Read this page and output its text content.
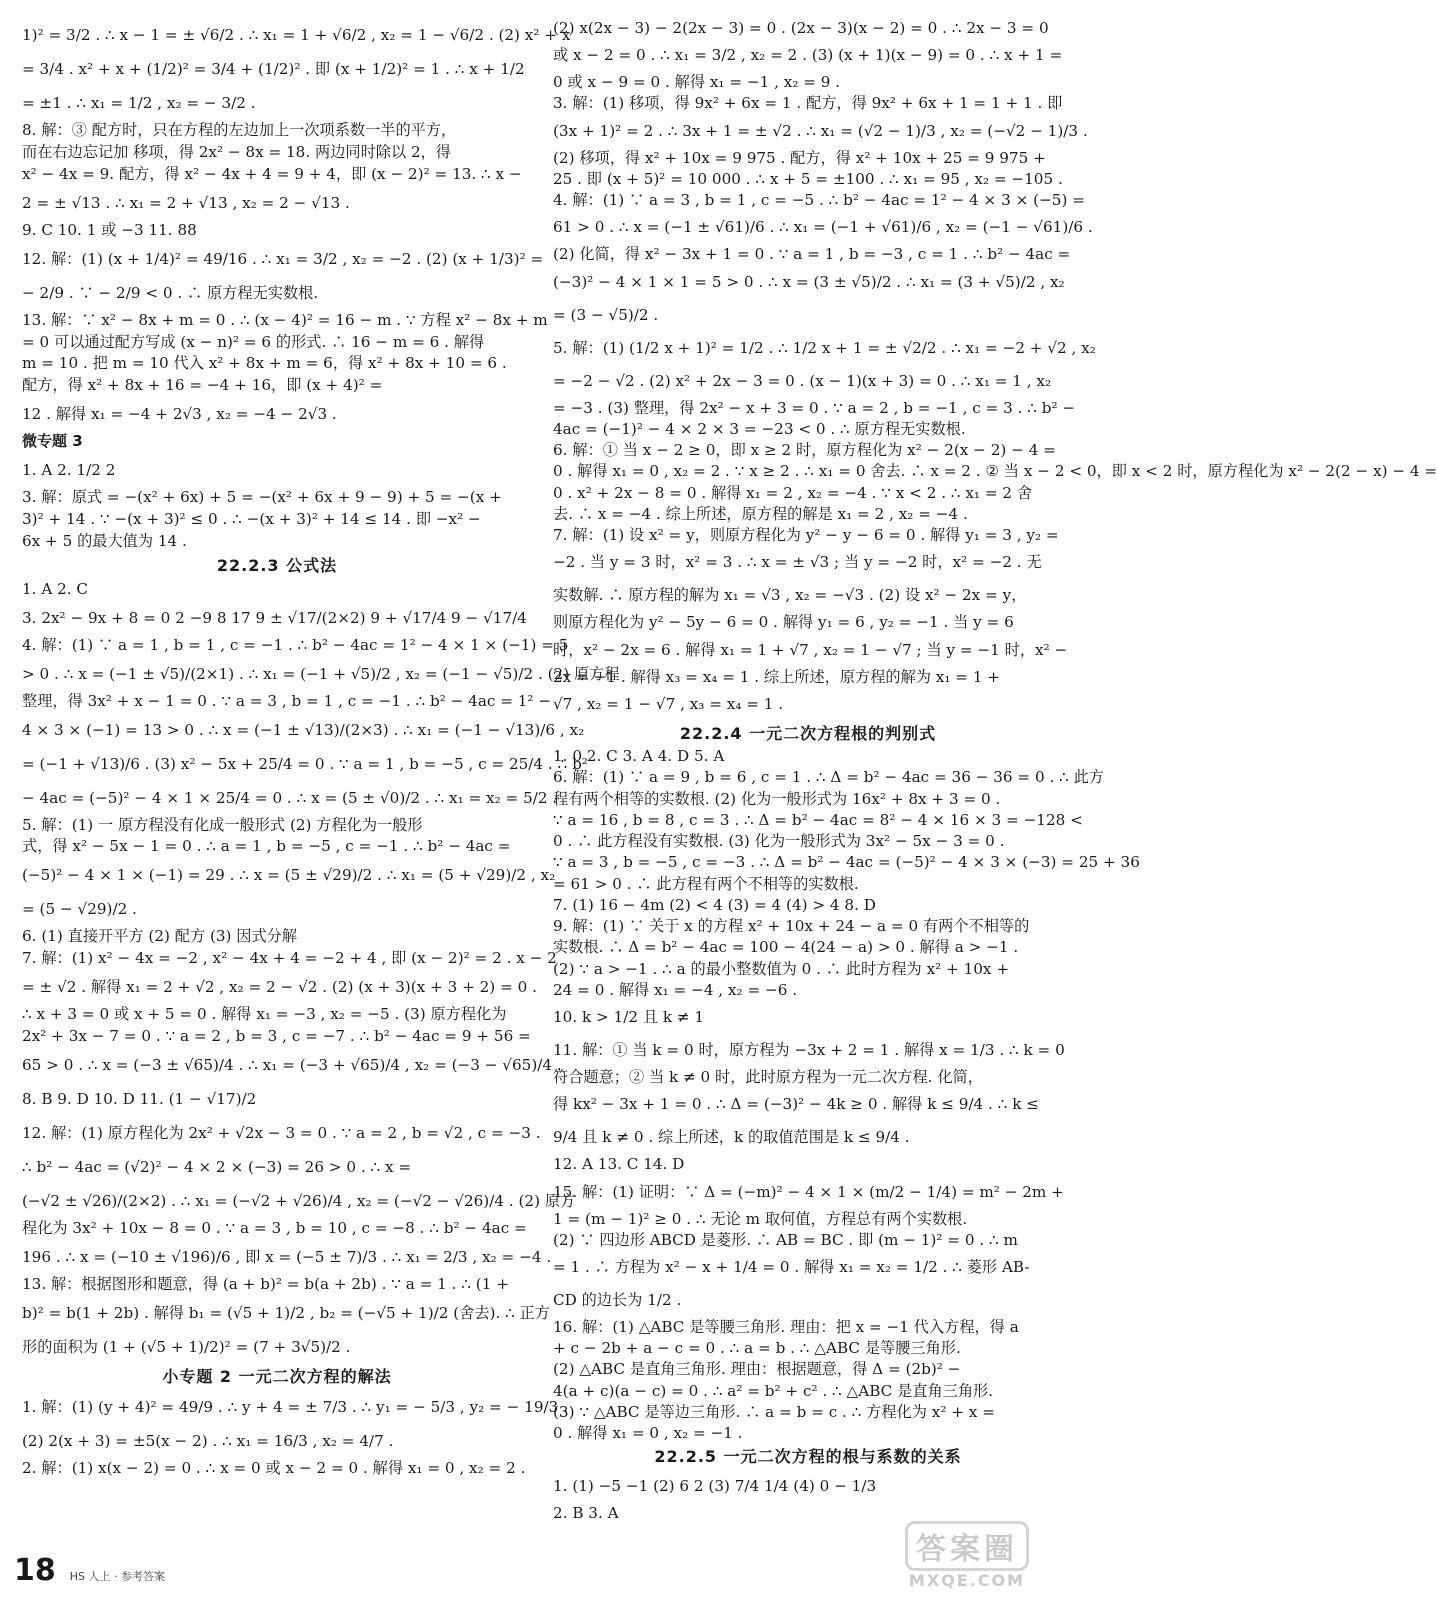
1)² = 3/2 . ∴ x − 1 = ± √6/2 . ∴ x₁ = 1 + √6/2 , x₂ = 1 − √6/2 . (2) x² + x
= 3/4 . x² + x + (1/2)² = 3/4 + (1/2)² . 即 (x + 1/2)² = 1 . ∴ x + 1/2
= ±1 . ∴ x₁ = 1/2 , x₂ = − 3/2 .
8. 解：③ 配方时，只在方程的左边加上一次项系数一半的平方，
而在右边忘记加 移项，得 2x² − 8x = 18. 两边同时除以 2，得
x² − 4x = 9. 配方，得 x² − 4x + 4 = 9 + 4，即 (x − 2)² = 13. ∴ x −
2 = ± √13 . ∴ x₁ = 2 + √13 , x₂ = 2 − √13 .
9. C 10. 1 或 −3 11. 88
12. 解：(1) (x + 1/4)² = 49/16 . ∴ x₁ = 3/2 , x₂ = −2 . (2) (x + 1/3)² =
− 2/9 . ∵ − 2/9 < 0 . ∴ 原方程无实数根.
13. 解：∵ x² − 8x + m = 0 . ∴ (x − 4)² = 16 − m . ∵ 方程 x² − 8x + m
= 0 可以通过配方写成 (x − n)² = 6 的形式. ∴ 16 − m = 6 . 解得
m = 10 . 把 m = 10 代入 x² + 8x + m = 6，得 x² + 8x + 10 = 6 .
配方，得 x² + 8x + 16 = −4 + 16，即 (x + 4)² =
12 . 解得 x₁ = −4 + 2√3 , x₂ = −4 − 2√3 .
微专题 3
1. A 2. 1/2 2
3. 解：原式 = −(x² + 6x) + 5 = −(x² + 6x + 9 − 9) + 5 = −(x +
3)² + 14 . ∵ −(x + 3)² ≤ 0 . ∴ −(x + 3)² + 14 ≤ 14 . 即 −x² −
6x + 5 的最大值为 14 .
22.2.3 公式法
1. A 2. C
3. 2x² − 9x + 8 = 0 2 −9 8 17 9 ± √17/(2×2) 9 + √17/4 9 − √17/4
4. 解：(1) ∵ a = 1 , b = 1 , c = −1 . ∴ b² − 4ac = 1² − 4 × 1 × (−1) = 5
> 0 . ∴ x = (−1 ± √5)/(2×1) . ∴ x₁ = (−1 + √5)/2 , x₂ = (−1 − √5)/2 . (2) 原方程
整理，得 3x² + x − 1 = 0 . ∵ a = 3 , b = 1 , c = −1 . ∴ b² − 4ac = 1² −
4 × 3 × (−1) = 13 > 0 . ∴ x = (−1 ± √13)/(2×3) . ∴ x₁ = (−1 − √13)/6 , x₂
= (−1 + √13)/6 . (3) x² − 5x + 25/4 = 0 . ∵ a = 1 , b = −5 , c = 25/4 . ∴ b²
− 4ac = (−5)² − 4 × 1 × 25/4 = 0 . ∴ x = (5 ± √0)/2 . ∴ x₁ = x₂ = 5/2 .
5. 解：(1) 一 原方程没有化成一般形式 (2) 方程化为一般形
式，得 x² − 5x − 1 = 0 . ∴ a = 1 , b = −5 , c = −1 . ∴ b² − 4ac =
(−5)² − 4 × 1 × (−1) = 29 . ∴ x = (5 ± √29)/2 . ∴ x₁ = (5 + √29)/2 , x₂
= (5 − √29)/2 .
6. (1) 直接开平方 (2) 配方 (3) 因式分解
7. 解：(1) x² − 4x = −2 , x² − 4x + 4 = −2 + 4 , 即 (x − 2)² = 2 . x − 2
= ± √2 . 解得 x₁ = 2 + √2 , x₂ = 2 − √2 . (2) (x + 3)(x + 3 + 2) = 0 .
∴ x + 3 = 0 或 x + 5 = 0 . 解得 x₁ = −3 , x₂ = −5 . (3) 原方程化为
2x² + 3x − 7 = 0 . ∵ a = 2 , b = 3 , c = −7 . ∴ b² − 4ac = 9 + 56 =
65 > 0 . ∴ x = (−3 ± √65)/4 . ∴ x₁ = (−3 + √65)/4 , x₂ = (−3 − √65)/4 .
8. B 9. D 10. D 11. (1 − √17)/2
12. 解：(1) 原方程化为 2x² + √2x − 3 = 0 . ∵ a = 2 , b = √2 , c = −3 .
∴ b² − 4ac = (√2)² − 4 × 2 × (−3) = 26 > 0 . ∴ x =
(−√2 ± √26)/(2×2) . ∴ x₁ = (−√2 + √26)/4 , x₂ = (−√2 − √26)/4 . (2) 原方
程化为 3x² + 10x − 8 = 0 . ∵ a = 3 , b = 10 , c = −8 . ∴ b² − 4ac =
196 . ∴ x = (−10 ± √196)/6 , 即 x = (−5 ± 7)/3 . ∴ x₁ = 2/3 , x₂ = −4 .
13. 解：根据图形和题意，得 (a + b)² = b(a + 2b) . ∵ a = 1 . ∴ (1 +
b)² = b(1 + 2b) . 解得 b₁ = (√5 + 1)/2 , b₂ = (−√5 + 1)/2 (舍去). ∴ 正方
形的面积为 (1 + (√5 + 1)/2)² = (7 + 3√5)/2 .
小专题 2 一元二次方程的解法
1. 解：(1) (y + 4)² = 49/9 . ∴ y + 4 = ± 7/3 . ∴ y₁ = − 5/3 , y₂ = − 19/3 .
(2) 2(x + 3) = ±5(x − 2) . ∴ x₁ = 16/3 , x₂ = 4/7 .
2. 解：(1) x(x − 2) = 0 . ∴ x = 0 或 x − 2 = 0 . 解得 x₁ = 0 , x₂ = 2 .
(2) x(2x − 3) − 2(2x − 3) = 0 . (2x − 3)(x − 2) = 0 . ∴ 2x − 3 = 0
或 x − 2 = 0 . ∴ x₁ = 3/2 , x₂ = 2 . (3) (x + 1)(x − 9) = 0 . ∴ x + 1 =
0 或 x − 9 = 0 . 解得 x₁ = −1 , x₂ = 9 .
3. 解：(1) 移项，得 9x² + 6x = 1 . 配方，得 9x² + 6x + 1 = 1 + 1 . 即
(3x + 1)² = 2 . ∴ 3x + 1 = ± √2 . ∴ x₁ = (√2 − 1)/3 , x₂ = (−√2 − 1)/3 .
(2) 移项，得 x² + 10x = 9 975 . 配方，得 x² + 10x + 25 = 9 975 +
25 . 即 (x + 5)² = 10 000 . ∴ x + 5 = ±100 . ∴ x₁ = 95 , x₂ = −105 .
4. 解：(1) ∵ a = 3 , b = 1 , c = −5 . ∴ b² − 4ac = 1² − 4 × 3 × (−5) =
61 > 0 . ∴ x = (−1 ± √61)/6 . ∴ x₁ = (−1 + √61)/6 , x₂ = (−1 − √61)/6 .
(2) 化简，得 x² − 3x + 1 = 0 . ∵ a = 1 , b = −3 , c = 1 . ∴ b² − 4ac =
(−3)² − 4 × 1 × 1 = 5 > 0 . ∴ x = (3 ± √5)/2 . ∴ x₁ = (3 + √5)/2 , x₂
= (3 − √5)/2 .
5. 解：(1) (1/2 x + 1)² = 1/2 . ∴ 1/2 x + 1 = ± √2/2 . ∴ x₁ = −2 + √2 , x₂
= −2 − √2 . (2) x² + 2x − 3 = 0 . (x − 1)(x + 3) = 0 . ∴ x₁ = 1 , x₂
= −3 . (3) 整理，得 2x² − x + 3 = 0 . ∵ a = 2 , b = −1 , c = 3 . ∴ b² −
4ac = (−1)² − 4 × 2 × 3 = −23 < 0 . ∴ 原方程无实数根.
6. 解：① 当 x − 2 ≥ 0，即 x ≥ 2 时，原方程化为 x² − 2(x − 2) − 4 =
0 . 解得 x₁ = 0 , x₂ = 2 . ∵ x ≥ 2 . ∴ x₁ = 0 舍去. ∴ x = 2 . ② 当 x − 2 < 0，即 x < 2 时，原方程化为 x² − 2(2 − x) − 4 =
0 . x² + 2x − 8 = 0 . 解得 x₁ = 2 , x₂ = −4 . ∵ x < 2 . ∴ x₁ = 2 舍
去. ∴ x = −4 . 综上所述，原方程的解是 x₁ = 2 , x₂ = −4 .
7. 解：(1) 设 x² = y，则原方程化为 y² − y − 6 = 0 . 解得 y₁ = 3 , y₂ =
−2 . 当 y = 3 时，x² = 3 . ∴ x = ± √3 ; 当 y = −2 时，x² = −2 . 无
实数解. ∴ 原方程的解为 x₁ = √3 , x₂ = −√3 . (2) 设 x² − 2x = y，
则原方程化为 y² − 5y − 6 = 0 . 解得 y₁ = 6 , y₂ = −1 . 当 y = 6
时，x² − 2x = 6 . 解得 x₁ = 1 + √7 , x₂ = 1 − √7 ; 当 y = −1 时，x² −
2x = −1 . 解得 x₃ = x₄ = 1 . 综上所述，原方程的解为 x₁ = 1 +
√7 , x₂ = 1 − √7 , x₃ = x₄ = 1 .
22.2.4 一元二次方程根的判别式
1. 0 2. C 3. A 4. D 5. A
6. 解：(1) ∵ a = 9 , b = 6 , c = 1 . ∴ Δ = b² − 4ac = 36 − 36 = 0 . ∴ 此方
程有两个相等的实数根. (2) 化为一般形式为 16x² + 8x + 3 = 0 .
∵ a = 16 , b = 8 , c = 3 . ∴ Δ = b² − 4ac = 8² − 4 × 16 × 3 = −128 <
0 . ∴ 此方程没有实数根. (3) 化为一般形式为 3x² − 5x − 3 = 0 .
∵ a = 3 , b = −5 , c = −3 . ∴ Δ = b² − 4ac = (−5)² − 4 × 3 × (−3) = 25 + 36
= 61 > 0 . ∴ 此方程有两个不相等的实数根.
7. (1) 16 − 4m (2) < 4 (3) = 4 (4) > 4 8. D
9. 解：(1) ∵ 关于 x 的方程 x² + 10x + 24 − a = 0 有两个不相等的
实数根. ∴ Δ = b² − 4ac = 100 − 4(24 − a) > 0 . 解得 a > −1 .
(2) ∵ a > −1 . ∴ a 的最小整数值为 0 . ∴ 此时方程为 x² + 10x +
24 = 0 . 解得 x₁ = −4 , x₂ = −6 .
10. k > 1/2 且 k ≠ 1
11. 解：① 当 k = 0 时，原方程为 −3x + 2 = 1 . 解得 x = 1/3 . ∴ k = 0
符合题意；② 当 k ≠ 0 时，此时原方程为一元二次方程. 化简，
得 kx² − 3x + 1 = 0 . ∴ Δ = (−3)² − 4k ≥ 0 . 解得 k ≤ 9/4 . ∴ k ≤
9/4 且 k ≠ 0 . 综上所述，k 的取值范围是 k ≤ 9/4 .
12. A 13. C 14. D
15. 解：(1) 证明：∵ Δ = (−m)² − 4 × 1 × (m/2 − 1/4) = m² − 2m +
1 = (m − 1)² ≥ 0 . ∴ 无论 m 取何值，方程总有两个实数根.
(2) ∵ 四边形 ABCD 是菱形. ∴ AB = BC . 即 (m − 1)² = 0 . ∴ m
= 1 . ∴ 方程为 x² − x + 1/4 = 0 . 解得 x₁ = x₂ = 1/2 . ∴ 菱形 AB-
CD 的边长为 1/2 .
16. 解：(1) △ABC 是等腰三角形. 理由：把 x = −1 代入方程，得 a
+ c − 2b + a − c = 0 . ∴ a = b . ∴ △ABC 是等腰三角形.
(2) △ABC 是直角三角形. 理由：根据题意，得 Δ = (2b)² −
4(a + c)(a − c) = 0 . ∴ a² = b² + c² . ∴ △ABC 是直角三角形.
(3) ∵ △ABC 是等边三角形. ∴ a = b = c . ∴ 方程化为 x² + x =
0 . 解得 x₁ = 0 , x₂ = −1 .
22.2.5 一元二次方程的根与系数的关系
1. (1) −5 −1 (2) 6 2 (3) 7/4 1/4 (4) 0 − 1/3
2. B 3. A
18 HS 人上 · 参考答案
答案圈
MXQE.COM
